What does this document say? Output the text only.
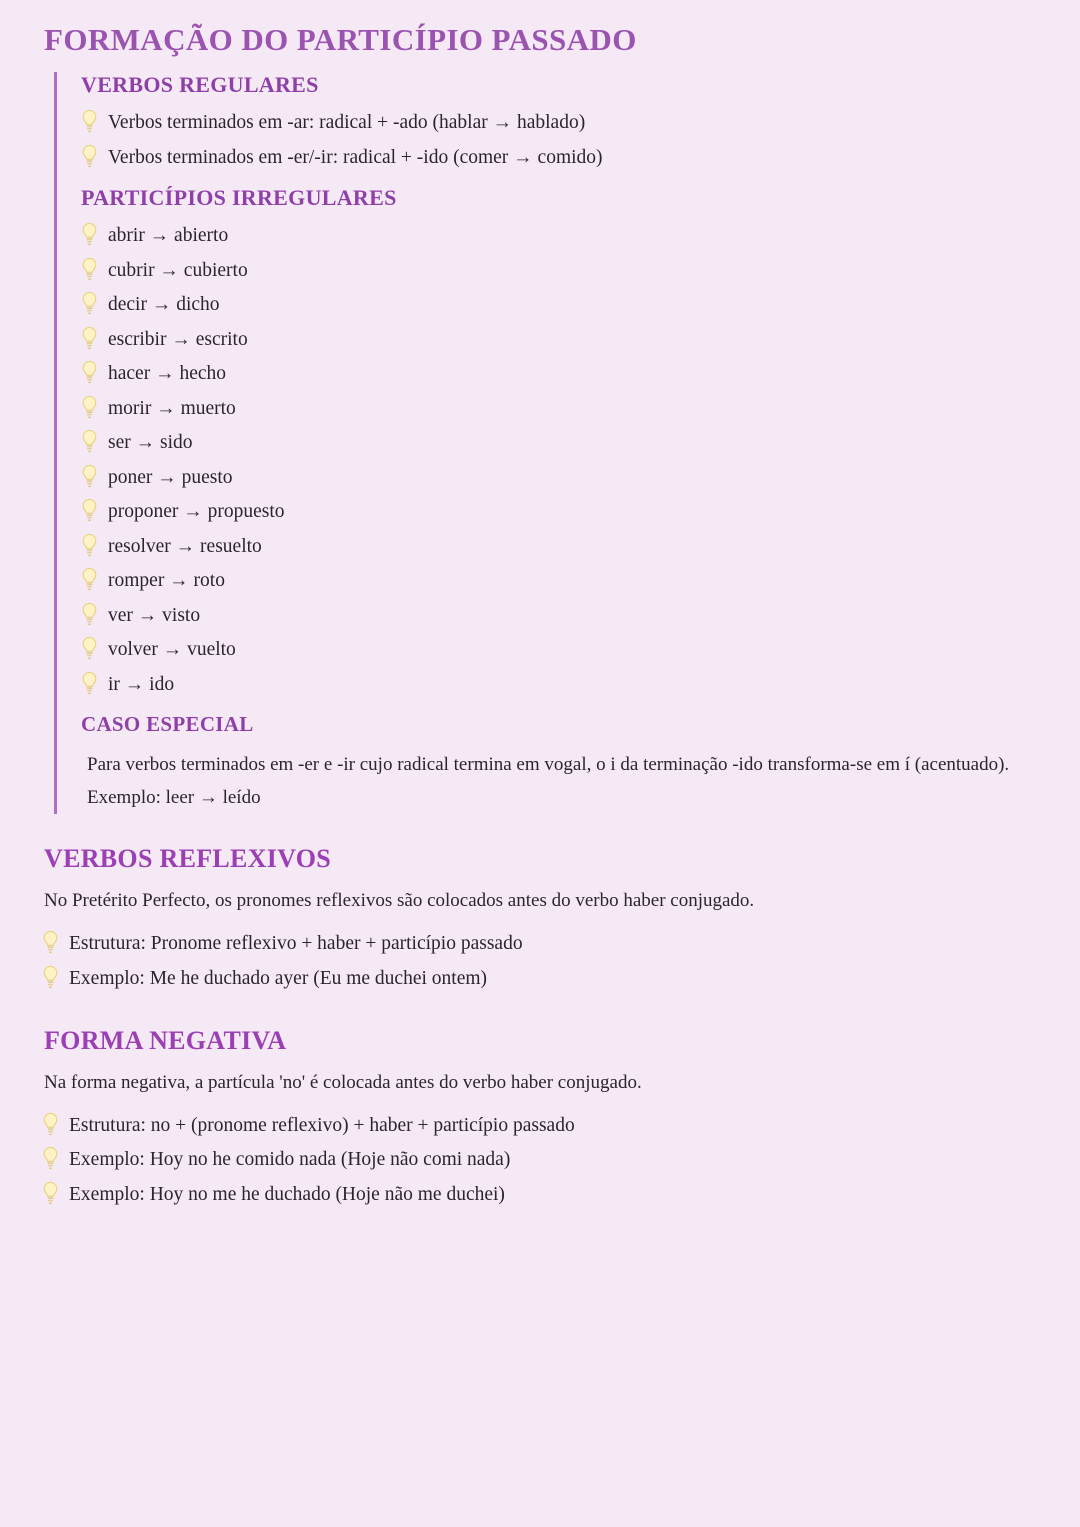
FORMAÇÃO DO PARTICÍPIO PASSADO
VERBOS REGULARES
Verbos terminados em -ar: radical + -ado (hablar → hablado)
Verbos terminados em -er/-ir: radical + -ido (comer → comido)
PARTICÍPIOS IRREGULARES
abrir → abierto
cubrir → cubierto
decir → dicho
escribir → escrito
hacer → hecho
morir → muerto
ser → sido
poner → puesto
proponer → propuesto
resolver → resuelto
romper → roto
ver → visto
volver → vuelto
ir → ido
CASO ESPECIAL

Para verbos terminados em -er e -ir cujo radical termina em vogal, o i da terminação -ido transforma-se em í (acentuado).

Exemplo: leer → leído

VERBOS REFLEXIVOS

No Pretérito Perfecto, os pronomes reflexivos são colocados antes do verbo haber conjugado.

Estrutura: Pronome reflexivo + haber + particípio passado
Exemplo: Me he duchado ayer (Eu me duchei ontem)
FORMA NEGATIVA

Na forma negativa, a partícula 'no' é colocada antes do verbo haber conjugado.

Estrutura: no + (pronome reflexivo) + haber + particípio passado
Exemplo: Hoy no he comido nada (Hoje não comi nada)
Exemplo: Hoy no me he duchado (Hoje não me duchei)
